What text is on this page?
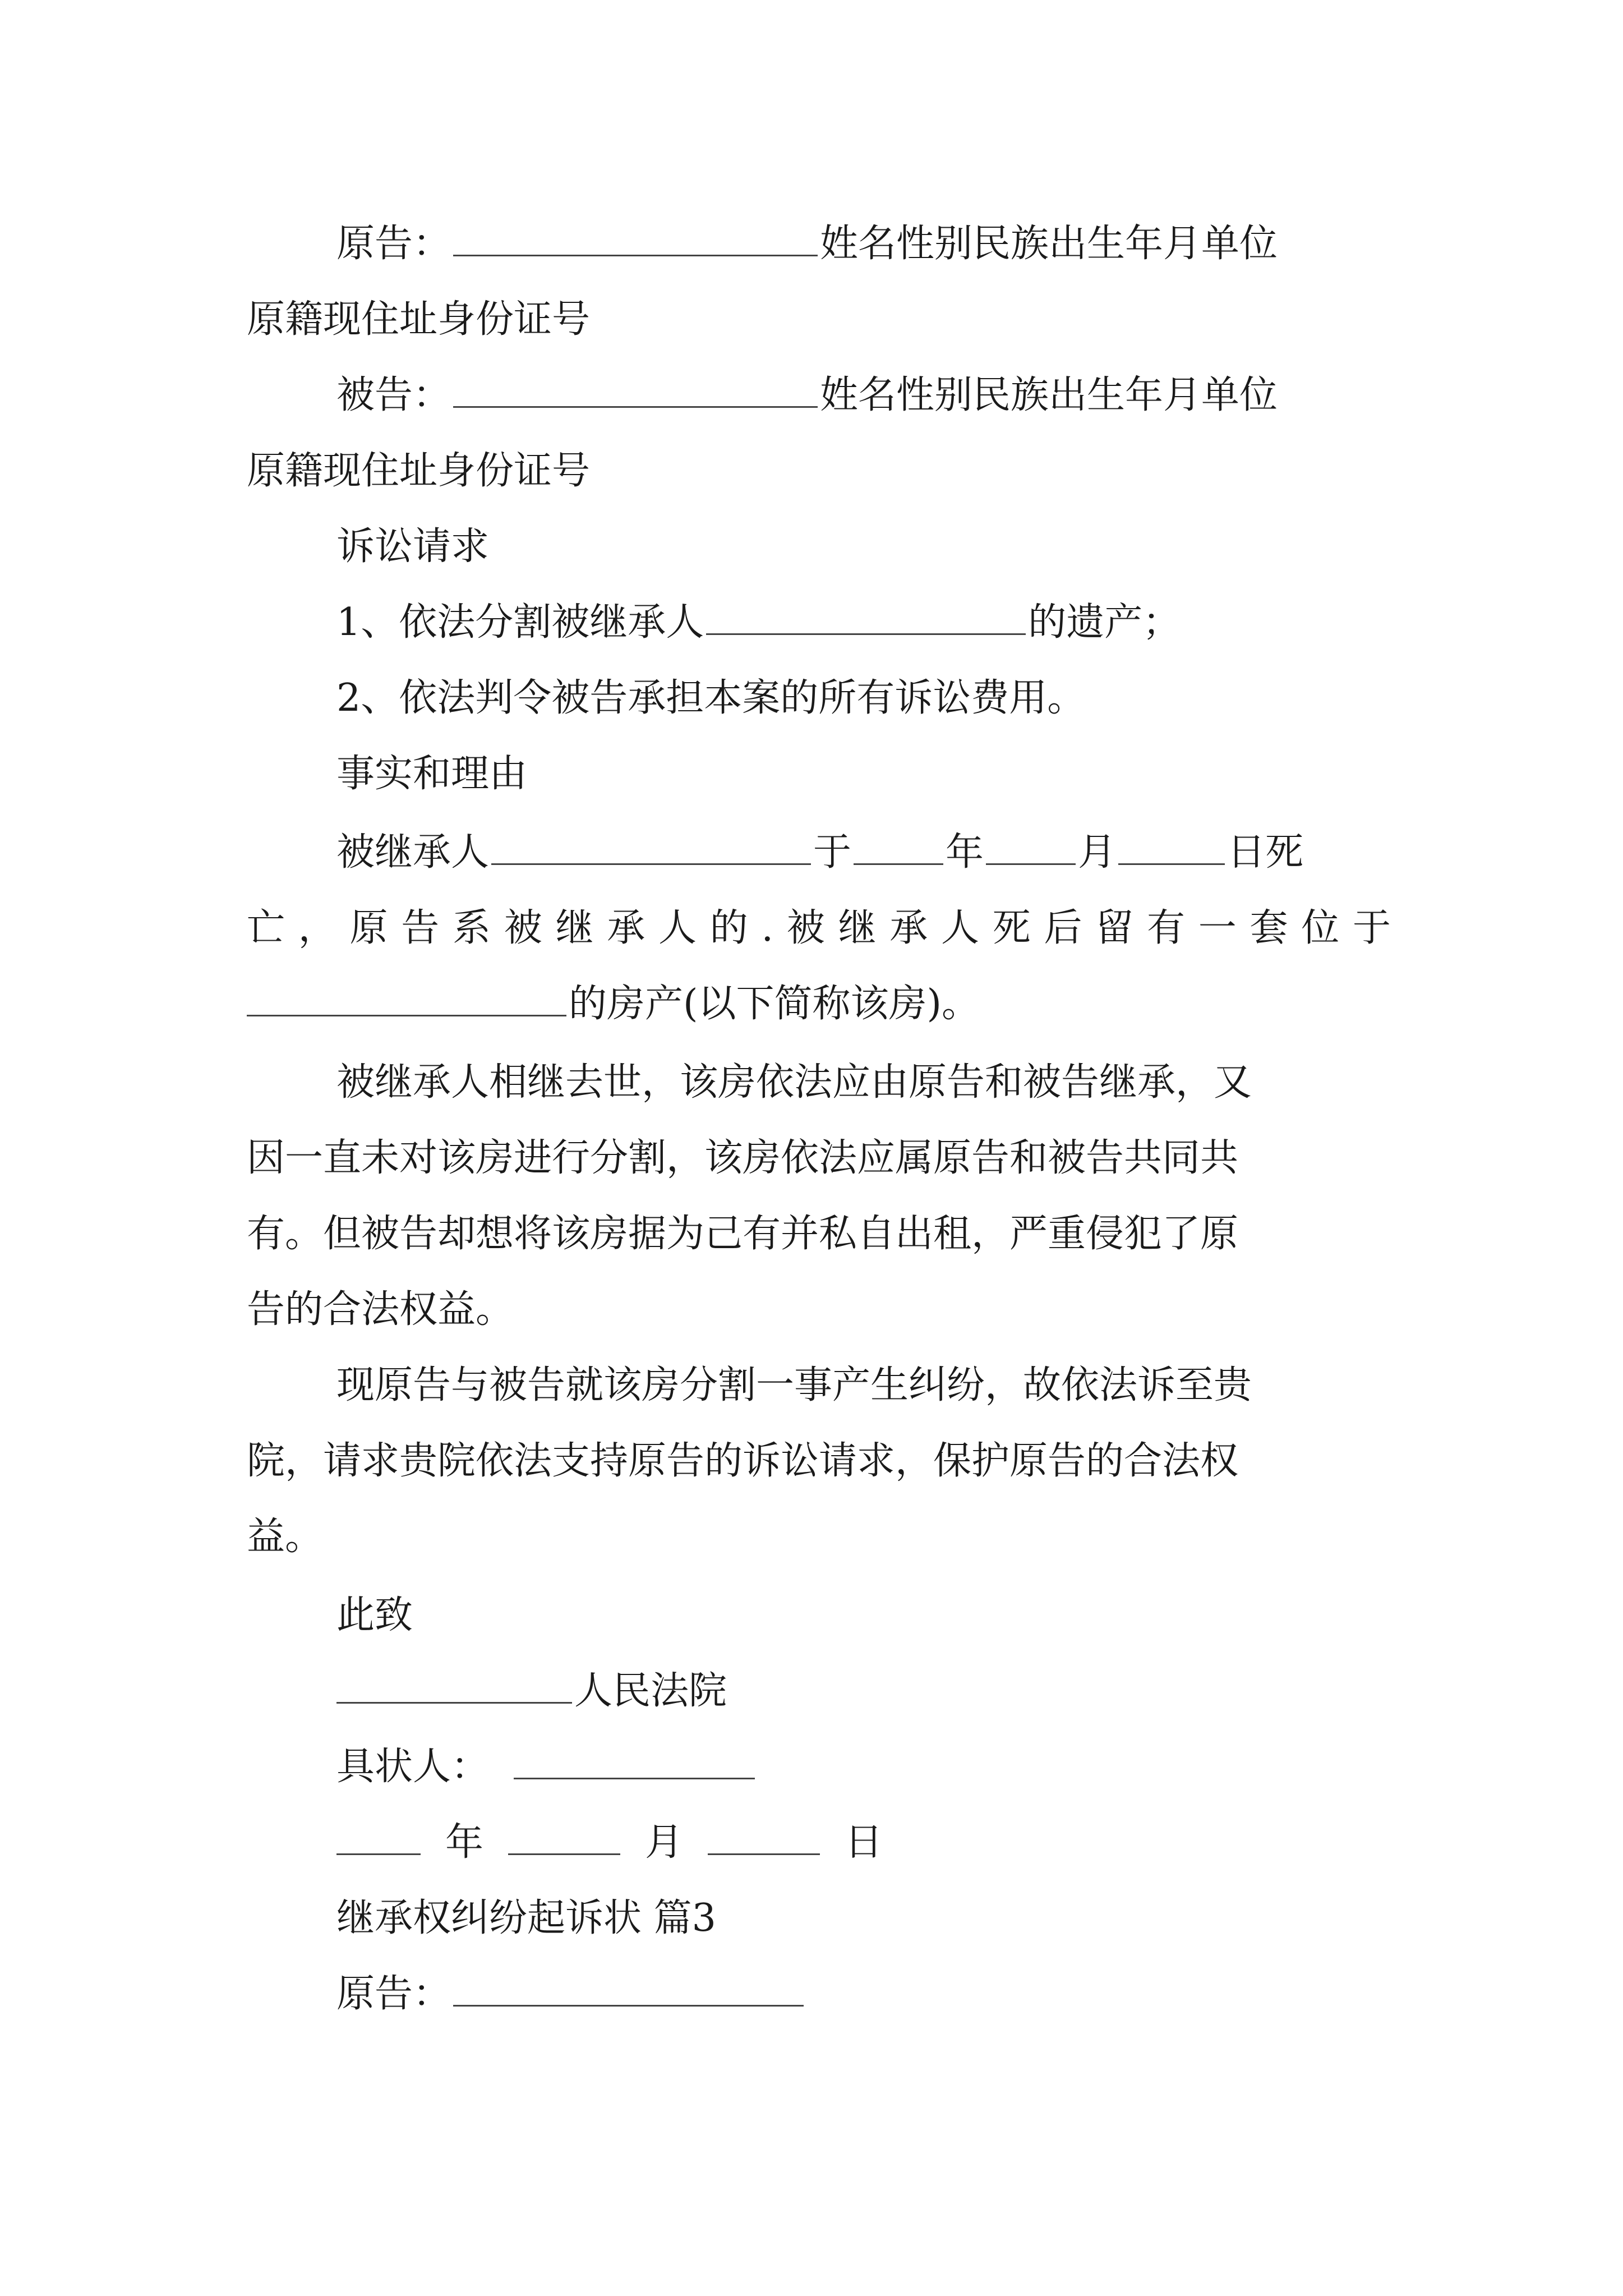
原告：	姓名性别民族出生年月单位
原籍现住址身份证号
被告：	姓名性别民族出生年月单位
原籍现住址身份证号
诉讼请求
1、依法分割被继承人	的遗产；
2、依法判令被告承担本案的所有诉讼费用。
事实和理由
被继承人	于 年 月	日死
亡，原告系被继承人的.被继承人死后留有一套位于
的房产(以下简称该房)。
被继承人相继去世，该房依法应由原告和被告继承，又
因一直未对该房进行分割，该房依法应属原告和被告共同共
有。但被告却想将该房据为己有并私自出租，严重侵犯了原
告的合法权益。
现原告与被告就该房分割一事产生纠纷，故依法诉至贵
院，请求贵院依法支持原告的诉讼请求，保护原告的合法权
益。
此致
人民法院
具状人：
年	月	日
继承权纠纷起诉状 篇3
原告：
